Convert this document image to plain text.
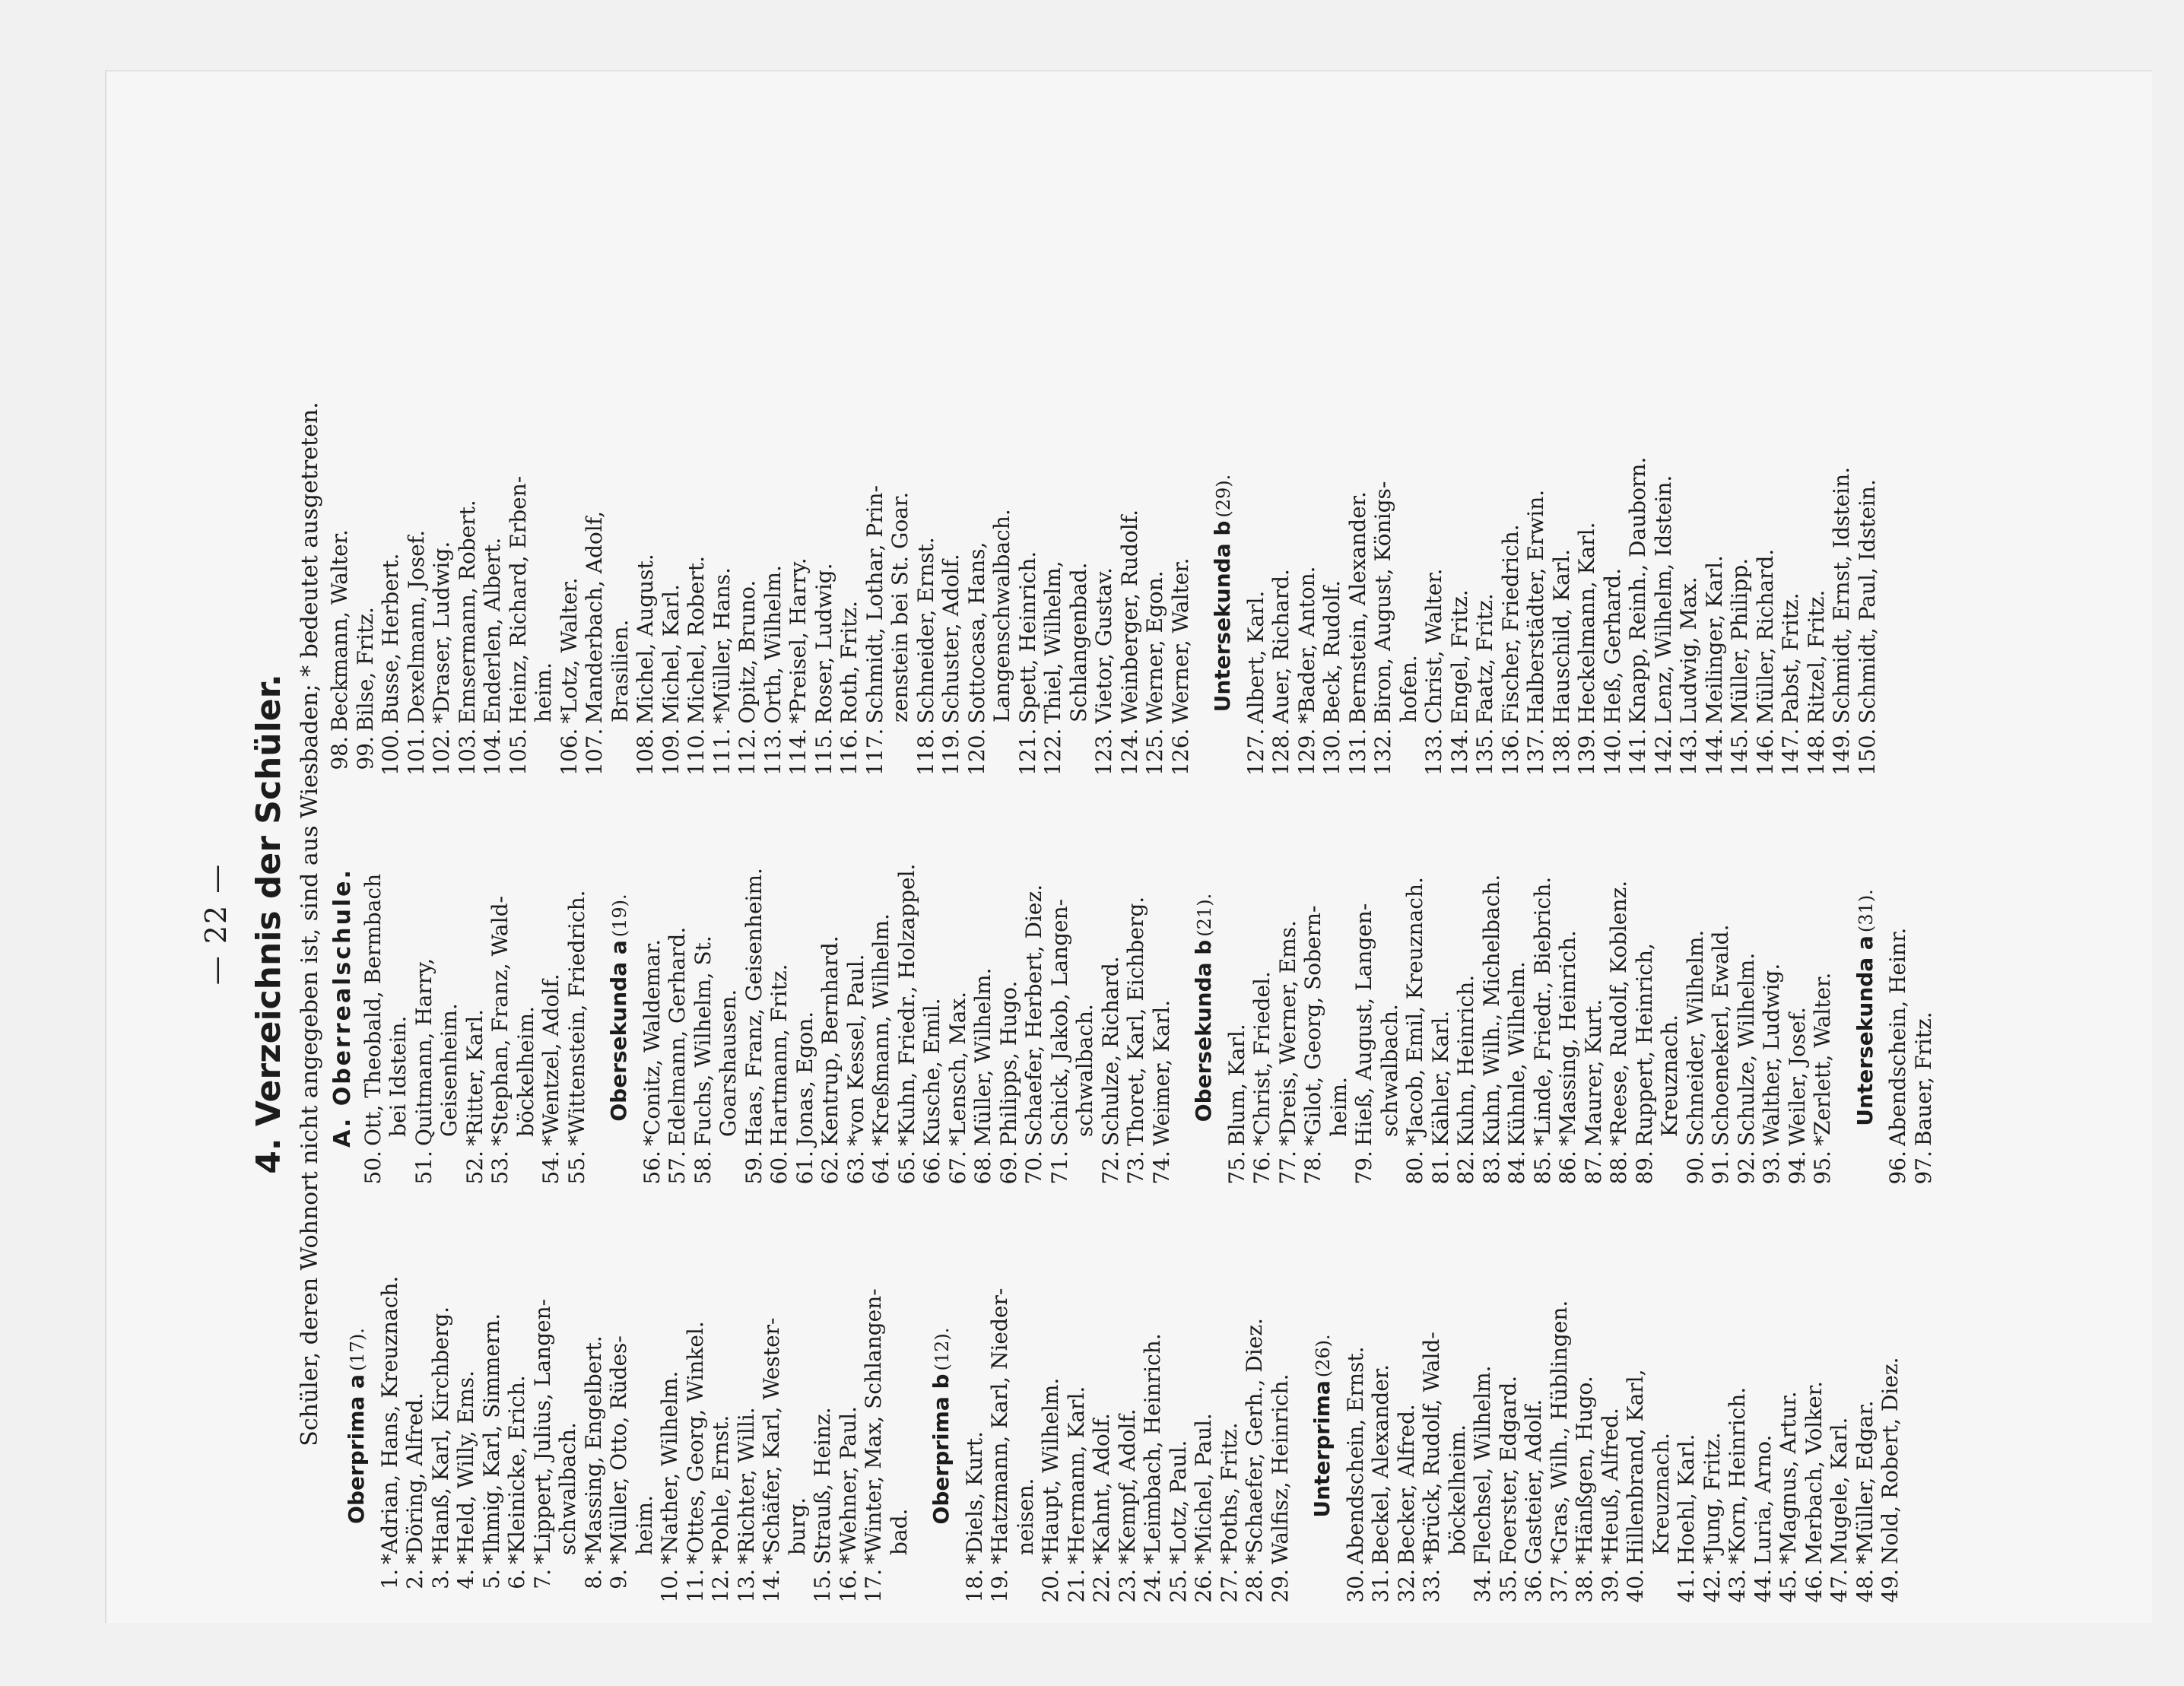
— 22 — 4. Verzeichnis der Schüler. Schüler, deren Wohnort nicht angegeben ist, sind aus Wiesbaden; * bedeutet ausgetreten.
Oberprima a(17).
1.
*Adrian, Hans, Kreuznach.
2.
*Döring, Alfred.
3.
*Hanß, Karl, Kirchberg.
4.
*Held, Willy, Ems.
5.
*Ihmig, Karl, Simmern.
6.
*Kleinicke, Erich.
7.
*Lippert, Julius, Langen- schwalbach.
8.
*Massing, Engelbert.
9.
*Müller, Otto, Rüdes- heim.
10.
*Nather, Wilhelm.
11.
*Ottes, Georg, Winkel.
12.
*Pohle, Ernst.
13.
*Richter, Willi.
14.
*Schäfer, Karl, Wester- burg.
15.
Strauß, Heinz.
16.
*Wehner, Paul.
17.
*Winter, Max, Schlangen- bad.
Oberprima b(12).
18.
*Diels, Kurt.
19.
*Hatzmann, Karl, Nieder- neisen.
20.
*Haupt, Wilhelm.
21.
*Hermann, Karl.
22.
*Kahnt, Adolf.
23.
*Kempf, Adolf.
24.
*Leimbach, Heinrich.
25.
*Lotz, Paul.
26.
*Michel, Paul.
27.
*Poths, Fritz.
28.
*Schaefer, Gerh., Diez.
29.
Walfisz, Heinrich. Unterprima(26).
30.
Abendschein, Ernst.
31.
Beckel, Alexander.
32.
Becker, Alfred.
33.
*Brück, Rudolf, Wald- böckelheim.
34.
Flechsel, Wilhelm.
35.
Foerster, Edgard.
36.
Gasteier, Adolf.
37.
*Gras, Wilh., Hüblingen.
38.
*Hänßgen, Hugo.
39.
*Heuß, Alfred.
40.
Hillenbrand, Karl, Kreuznach.
41.
Hoehl, Karl.
42.
*Jung, Fritz.
43.
*Korn, Heinrich.
44.
Luria, Arno.
45.
*Magnus, Artur.
46.
Merbach, Volker.
47.
Mugele, Karl.
48.
*Müller, Edgar.
49.
Nold, Robert, Diez.
A. Oberrealschule.
50.
Ott, Theobald, Bermbach bei Idstein.
51.
Quitmann, Harry, Geisenheim.
52.
*Ritter, Karl.
53.
*Stephan, Franz, Wald- böckelheim.
54.
*Wentzel, Adolf.
55.
*Wittenstein, Friedrich. Obersekunda a(19).
56.
*Conitz, Waldemar.
57.
Edelmann, Gerhard.
58.
Fuchs, Wilhelm, St. Goarshausen.
59.
Haas, Franz, Geisenheim.
60.
Hartmann, Fritz.
61.
Jonas, Egon.
62.
Kentrup, Bernhard.
63.
*von Kessel, Paul.
64.
*Kreßmann, Wilhelm.
65.
*Kuhn, Friedr., Holzappel.
66.
Kusche, Emil.
67.
*Lensch, Max.
68.
Müller, Wilhelm.
69.
Philipps, Hugo.
70.
Schaefer, Herbert, Diez.
71.
Schick, Jakob, Langen- schwalbach.
72.
Schulze, Richard.
73.
Thoret, Karl, Eichberg.
74.
Weimer, Karl. Obersekunda b(21).
75.
Blum, Karl.
76.
*Christ, Friedel.
77.
*Dreis, Werner, Ems.
78.
*Gilot, Georg, Sobern- heim.
79.
Hieß, August, Langen- schwalbach.
80.
*Jacob, Emil, Kreuznach.
81.
Kähler, Karl.
82.
Kuhn, Heinrich.
83.
Kuhn, Wilh., Michelbach.
84.
Kühnle, Wilhelm.
85.
*Linde, Friedr., Biebrich.
86.
*Massing, Heinrich.
87.
Maurer, Kurt.
88.
*Reese, Rudolf, Koblenz.
89.
Ruppert, Heinrich, Kreuznach.
90.
Schneider, Wilhelm.
91.
Schoenekerl, Ewald.
92.
Schulze, Wilhelm.
93.
Walther, Ludwig.
94.
Weiler, Josef.
95.
*Zerlett, Walter. Untersekunda a(31).
96.
Abendschein, Heinr.
97.
Bauer, Fritz.
98.
Beckmann, Walter.
99.
Bilse, Fritz.
100.
Busse, Herbert.
101.
Dexelmann, Josef.
102.
*Draser, Ludwig.
103.
Emsermann, Robert.
104.
Enderlen, Albert.
105.
Heinz, Richard, Erben- heim.
106.
*Lotz, Walter.
107.
Manderbach, Adolf, Brasilien.
108.
Michel, August.
109.
Michel, Karl.
110.
Michel, Robert.
111.
*Müller, Hans.
112.
Opitz, Bruno.
113.
Orth, Wilhelm.
114.
*Preisel, Harry.
115.
Roser, Ludwig.
116.
Roth, Fritz.
117.
Schmidt, Lothar, Prin- zenstein bei St. Goar.
118.
Schneider, Ernst.
119.
Schuster, Adolf.
120.
Sottocasa, Hans, Langenschwalbach.
121.
Spett, Heinrich.
122.
Thiel, Wilhelm, Schlangenbad.
123.
Vietor, Gustav.
124.
Weinberger, Rudolf.
125.
Werner, Egon.
126.
Werner, Walter. Untersekunda b(29).
127.
Albert, Karl.
128.
Auer, Richard.
129.
*Bader, Anton.
130.
Beck, Rudolf.
131.
Bernstein, Alexander.
132.
Biron, August, Königs- hofen.
133.
Christ, Walter.
134.
Engel, Fritz.
135.
Faatz, Fritz.
136.
Fischer, Friedrich.
137.
Halberstädter, Erwin.
138.
Hauschild, Karl.
139.
Heckelmann, Karl.
140.
Heß, Gerhard.
141.
Knapp, Reinh., Dauborn.
142.
Lenz, Wilhelm, Idstein.
143.
Ludwig, Max.
144.
Meilinger, Karl.
145.
Müller, Philipp.
146.
Müller, Richard.
147.
Pabst, Fritz.
148.
Ritzel, Fritz.
149.
Schmidt, Ernst, Idstein.
150.
Schmidt, Paul, Idstein.
